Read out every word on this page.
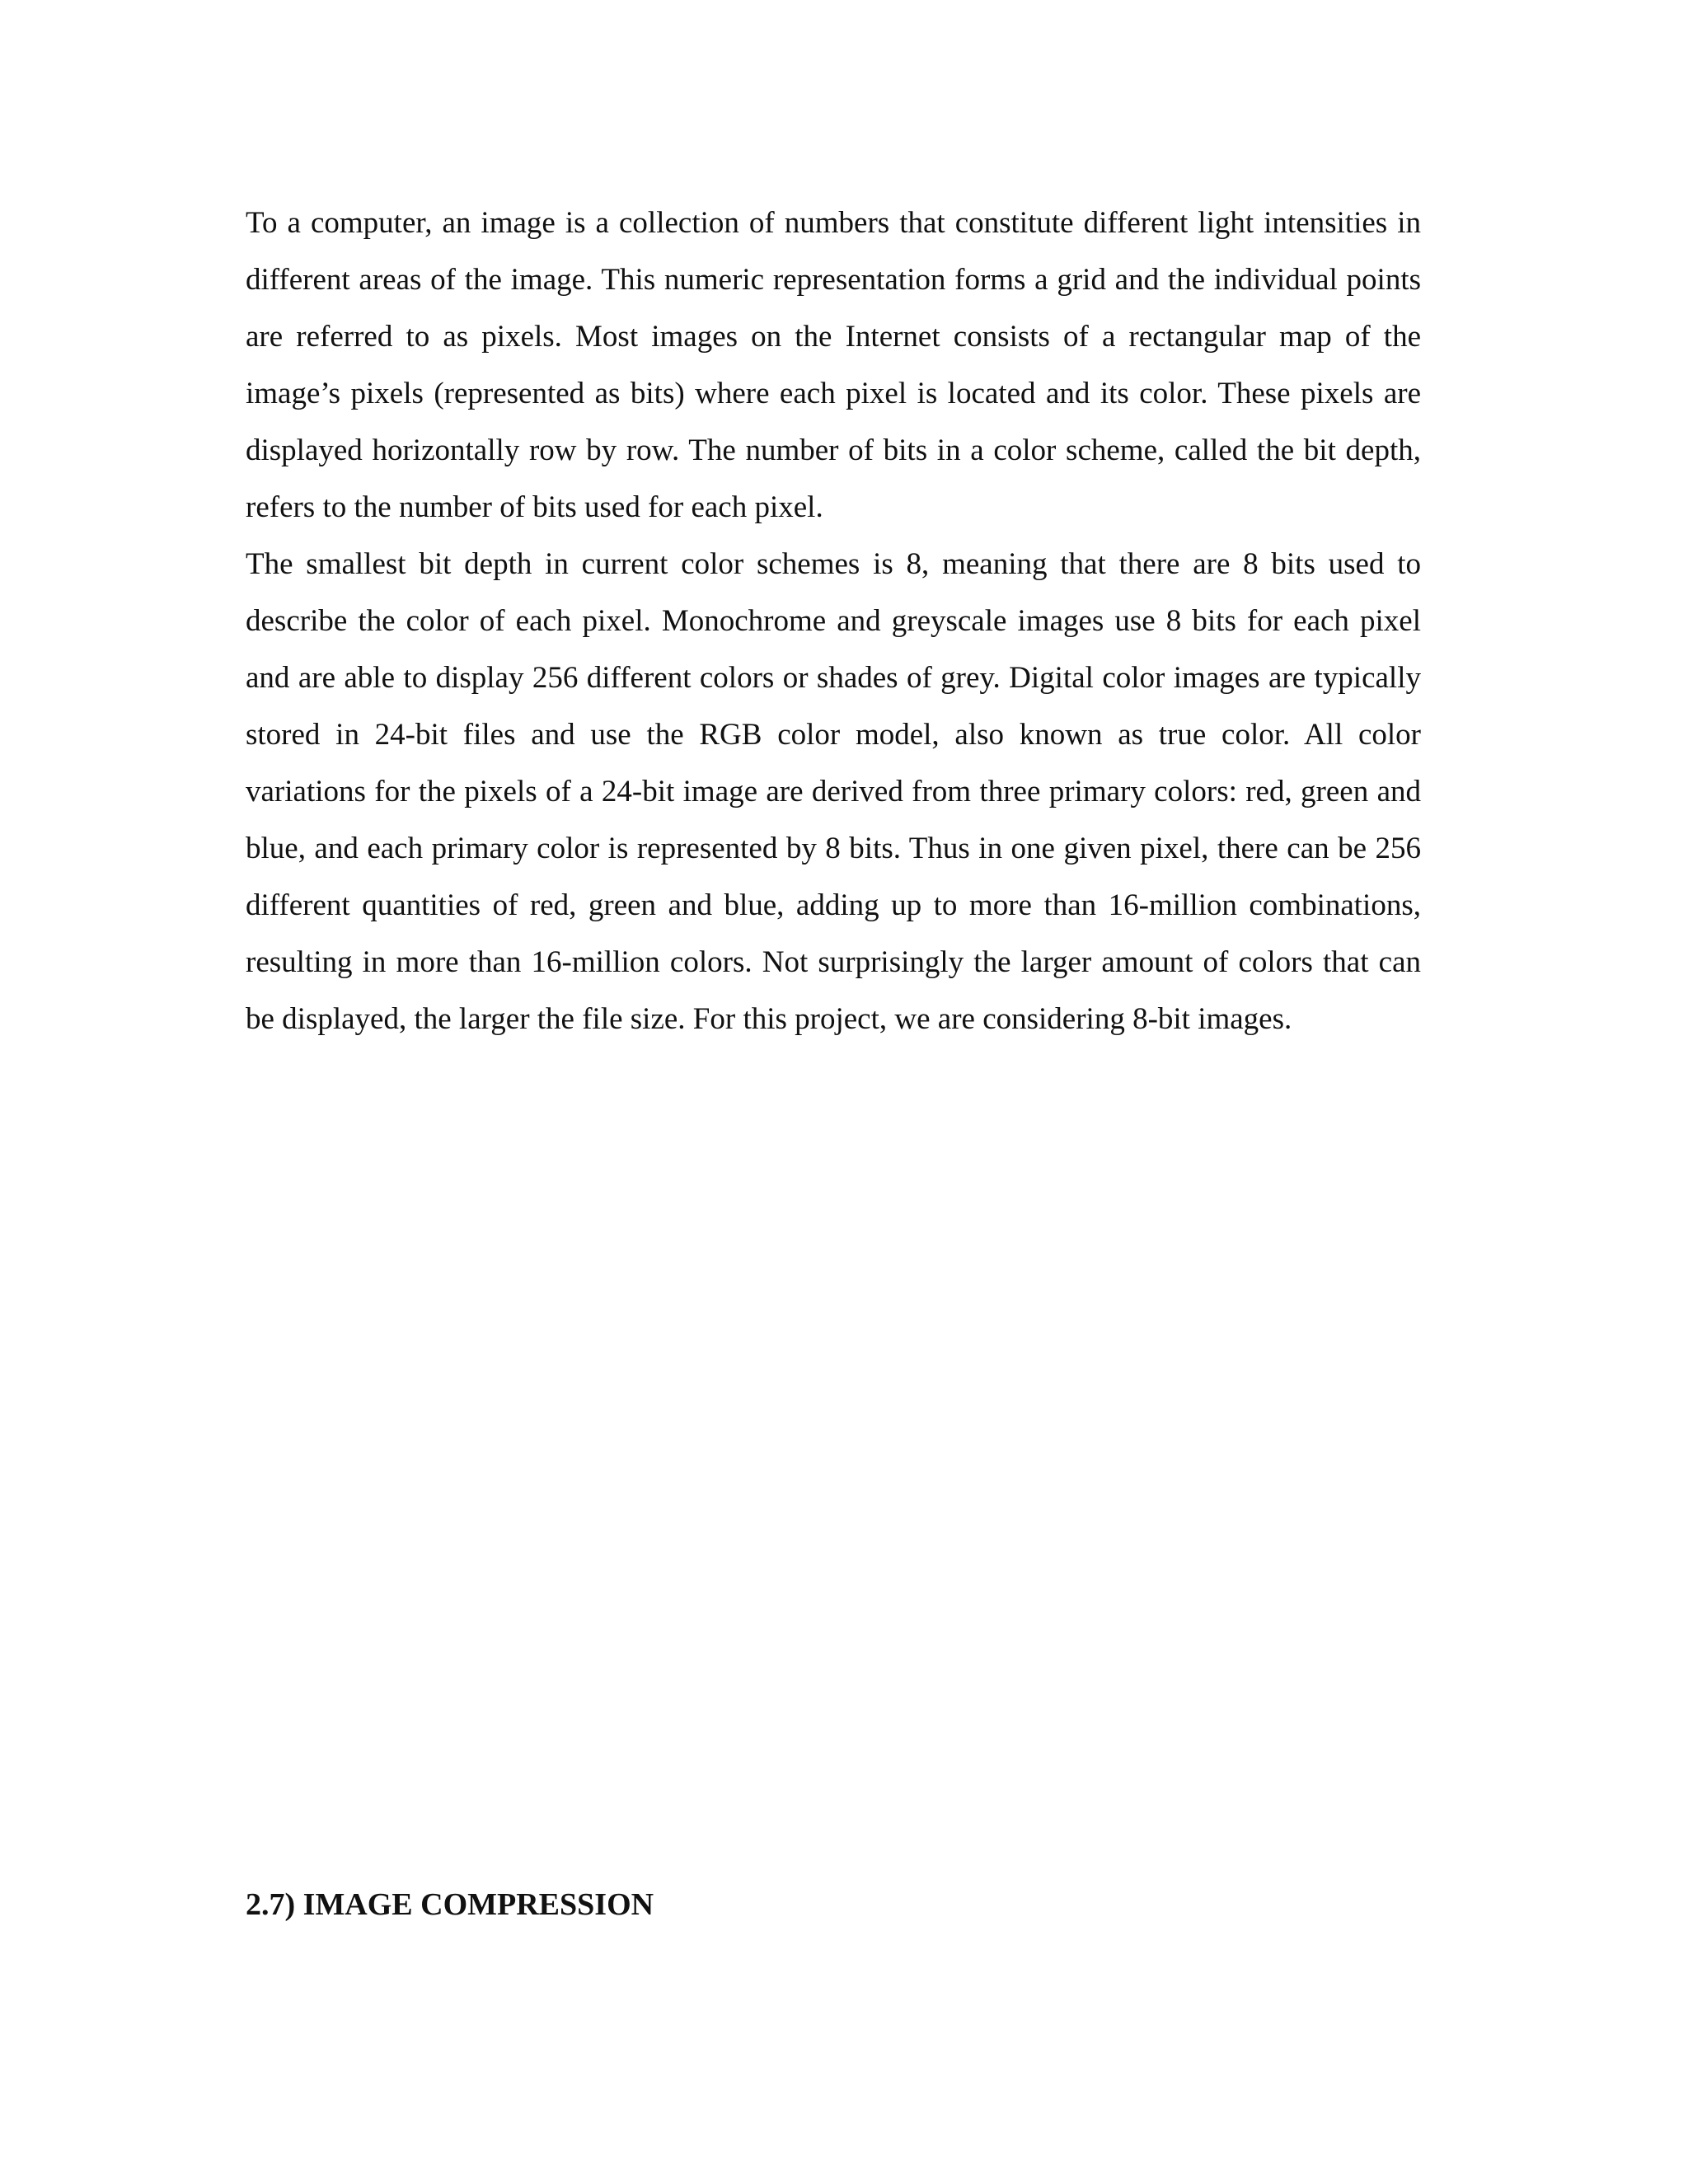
To a computer, an image is a collection of numbers that constitute different light intensities in different areas of the image. This numeric representation forms a grid and the individual points are referred to as pixels. Most images on the Internet consists of a rectangular map of the image’s pixels (represented as bits) where each pixel is located and its color. These pixels are displayed horizontally row by row. The number of bits in a color scheme, called the bit depth, refers to the number of bits used for each pixel.

The smallest bit depth in current color schemes is 8, meaning that there are 8 bits used to describe the color of each pixel. Monochrome and greyscale images use 8 bits for each pixel and are able to display 256 different colors or shades of grey. Digital color images are typically stored in 24-bit files and use the RGB color model, also known as true color. All color variations for the pixels of a 24-bit image are derived from three primary colors: red, green and blue, and each primary color is represented by 8 bits. Thus in one given pixel, there can be 256 different quantities of red, green and blue, adding up to more than 16-million combinations, resulting in more than 16-million colors. Not surprisingly the larger amount of colors that can be displayed, the larger the file size. For this project, we are considering 8-bit images.

2.7) IMAGE COMPRESSION
